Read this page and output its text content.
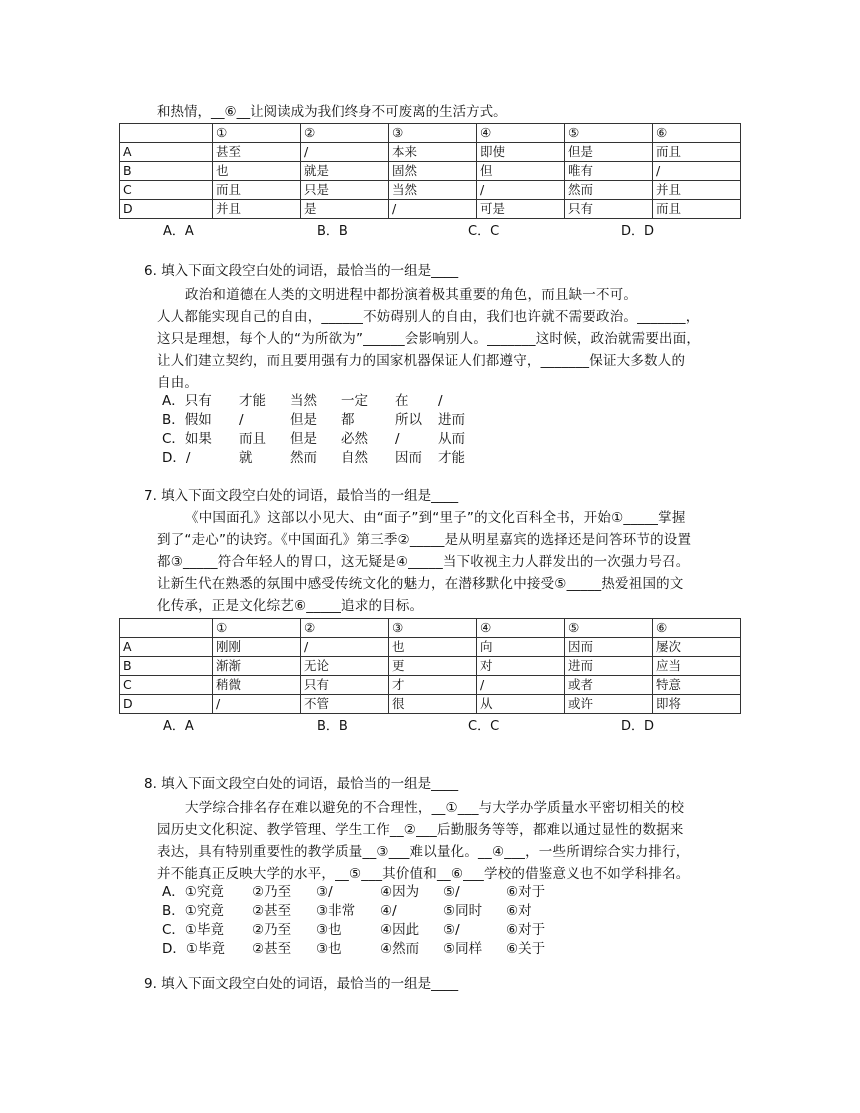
和热情，__⑥__让阅读成为我们终身不可废离的生活方式。
	①	②	③	④	⑤	⑥
A	甚至	/	本来	即使	但是	而且
B	也	就是	固然	但	唯有	/
C	而且	只是	当然	/	然而	并且
D	并且	是	/	可是	只有	而且
A．A	B．B	C．C	D．D
6. 填入下面文段空白处的词语，最恰当的一组是____
政治和道德在人类的文明进程中都扮演着极其重要的角色，而且缺一不可。
人人都能实现自己的自由，______不妨碍别人的自由，我们也许就不需要政治。_______，
这只是理想，每个人的“为所欲为”______会影响别人。_______这时候，政治就需要出面，
让人们建立契约，而且要用强有力的国家机器保证人们都遵守，_______保证大多数人的
自由。
A．只有 才能 当然 一定 在 /
B．假如 /	但是 都	所以 进而
C．如果 而且 但是 必然 /	从而
D．/	就	然而 自然 因而 才能
7. 填入下面文段空白处的词语，最恰当的一组是____
《中国面孔》这部以小见大、由“面子”到“里子”的文化百科全书，开始①_____掌握
到了“走心”的诀窍。《中国面孔》第三季②_____是从明星嘉宾的选择还是问答环节的设置
都③_____符合年轻人的胃口，这无疑是④_____当下收视主力人群发出的一次强力号召。
让新生代在熟悉的氛围中感受传统文化的魅力，在潜移默化中接受⑤_____热爱祖国的文
化传承，正是文化综艺⑥_____追求的目标。
	①	②	③	④	⑤	⑥
A	刚刚	/	也	向	因而	屡次
B	渐渐	无论	更	对	进而	应当
C	稍微	只有	才	/	或者	特意
D	/	不管	很	从	或许	即将
A．A	B．B	C．C	D．D
8. 填入下面文段空白处的词语，最恰当的一组是____
大学综合排名存在难以避免的不合理性，__①___与大学办学质量水平密切相关的校
园历史文化积淀、教学管理、学生工作__②___后勤服务等等，都难以通过显性的数据来
表达，具有特别重要性的教学质量__③___难以量化。__④___，一些所谓综合实力排行，
并不能真正反映大学的水平，__⑤___其价值和__⑥___学校的借鉴意义也不如学科排名。
A．①究竟 ②乃至 ③/	④因为 ⑤/	⑥对于
B．①究竟 ②甚至 ③非常 ④/	⑤同时 ⑥对
C．①毕竟 ②乃至 ③也	④因此 ⑤/	⑥对于
D．①毕竟 ②甚至 ③也	④然而 ⑤同样 ⑥关于
9. 填入下面文段空白处的词语，最恰当的一组是____
